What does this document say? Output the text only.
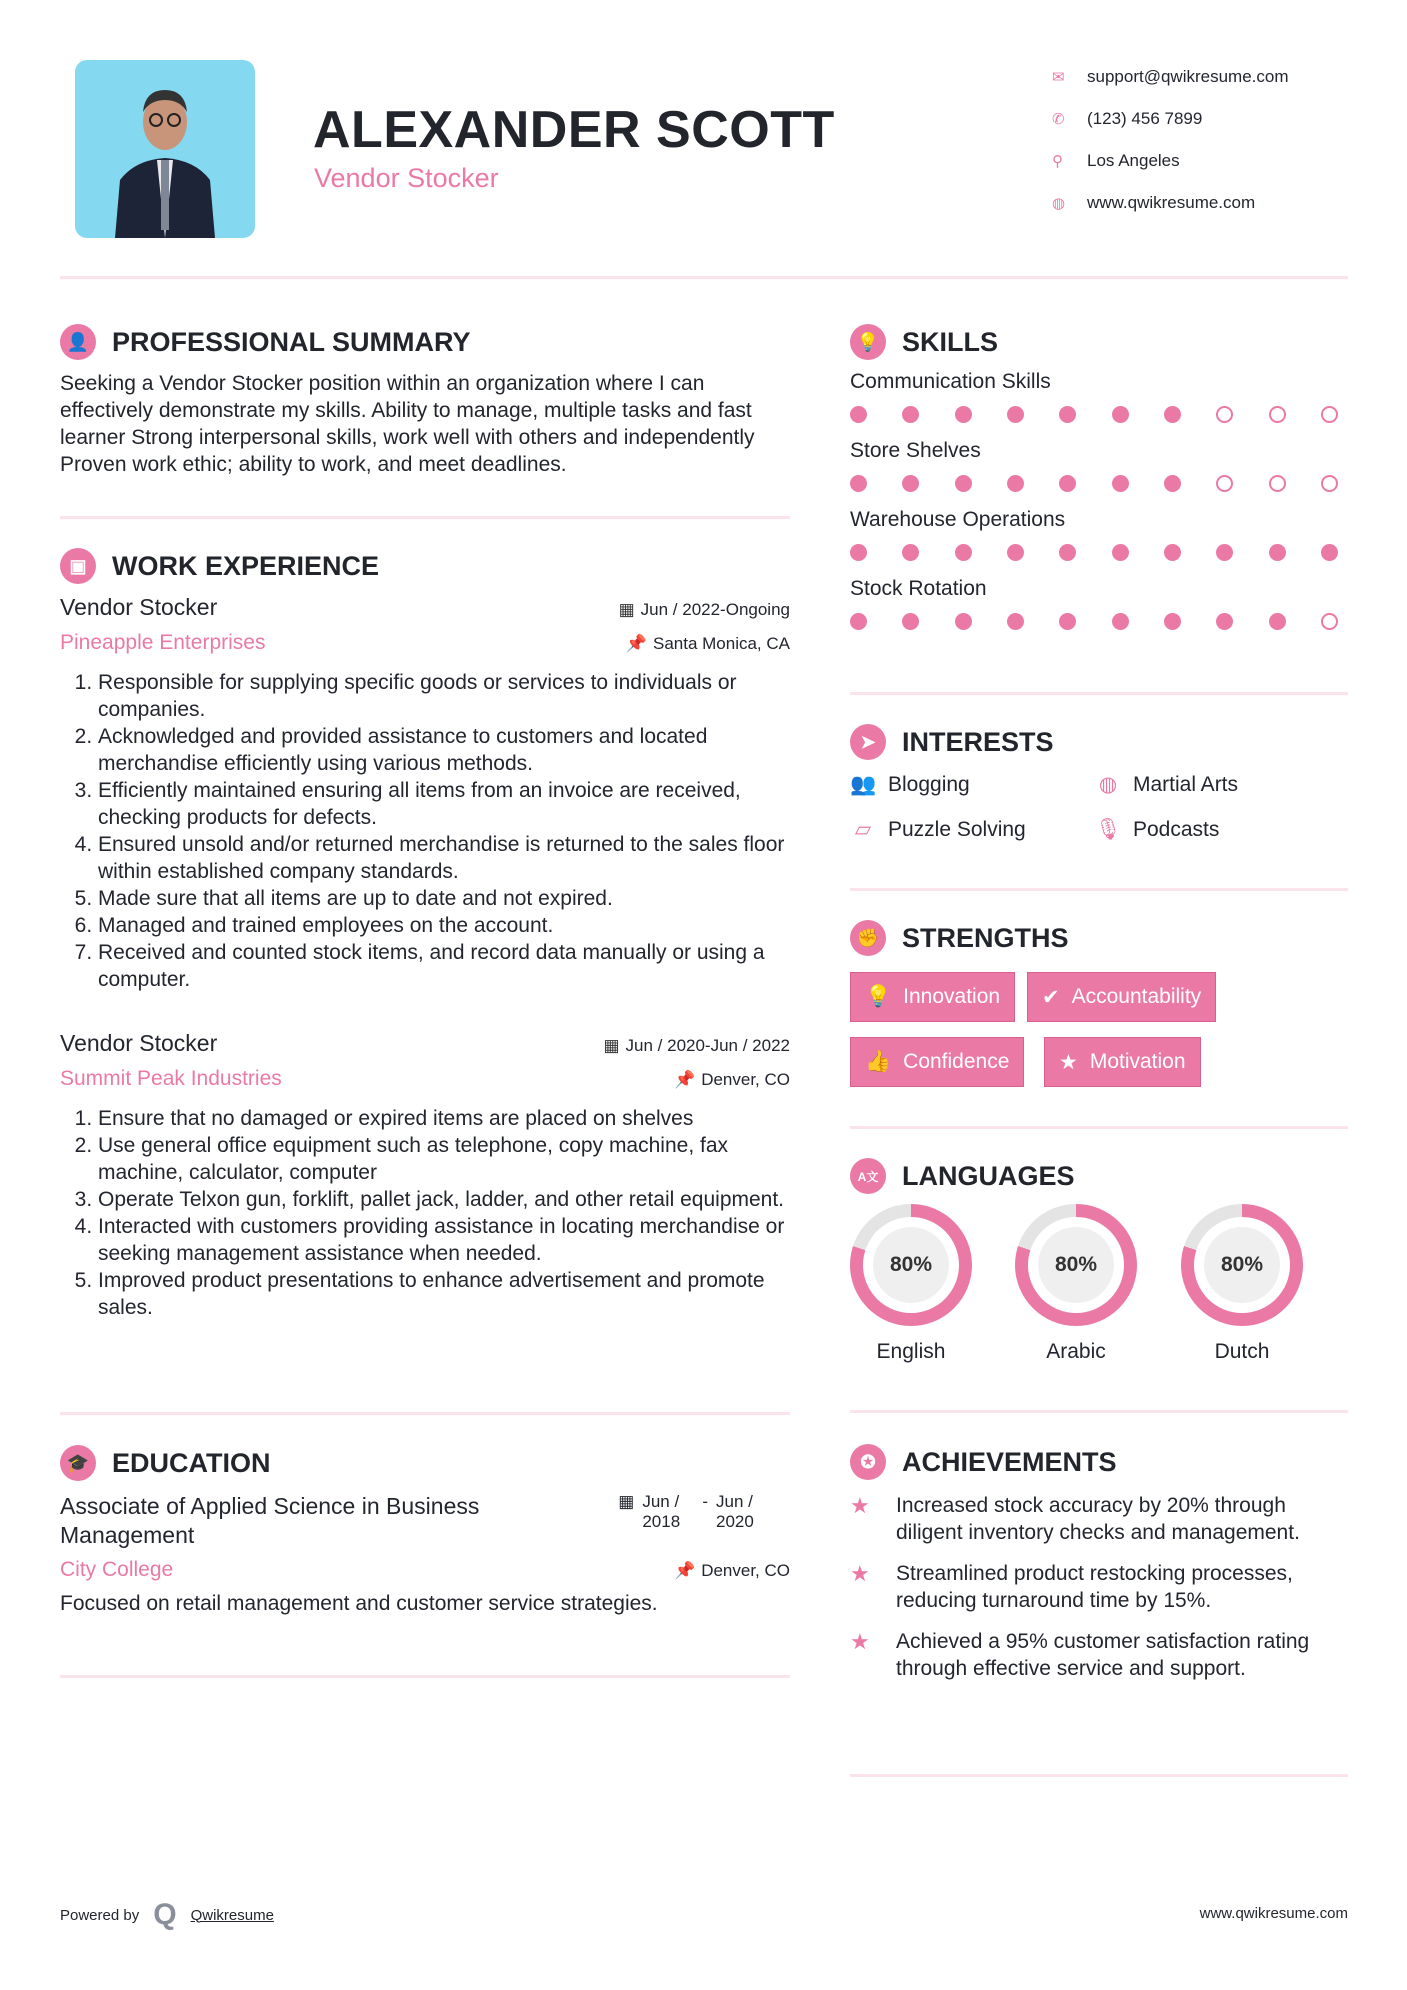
ALEXANDER SCOTT
Vendor Stocker
✉	support@qwikresume.com
✆	(123) 456 7899
⚲	Los Angeles
◍	www.qwikresume.com
👤 PROFESSIONAL SUMMARY
Seeking a Vendor Stocker position within an organization where I can effectively demonstrate my skills. Ability to manage, multiple tasks and fast learner Strong interpersonal skills, work well with others and independently Proven work ethic; ability to work, and meet deadlines.
▣ WORK EXPERIENCE
Vendor Stocker	▦ Jun / 2022-Ongoing
Pineapple Enterprises	📌 Santa Monica, CA
1. Responsible for supplying specific goods or services to individuals or companies.
2. Acknowledged and provided assistance to customers and located merchandise efficiently using various methods.
3. Efficiently maintained ensuring all items from an invoice are received, checking products for defects.
4. Ensured unsold and/or returned merchandise is returned to the sales floor within established company standards.
5. Made sure that all items are up to date and not expired.
6. Managed and trained employees on the account.
7. Received and counted stock items, and record data manually or using a computer.
Vendor Stocker	▦ Jun / 2020-Jun / 2022
Summit Peak Industries	📌 Denver, CO
1. Ensure that no damaged or expired items are placed on shelves
2. Use general office equipment such as telephone, copy machine, fax machine, calculator, computer
3. Operate Telxon gun, forklift, pallet jack, ladder, and other retail equipment.
4. Interacted with customers providing assistance in locating merchandise or seeking management assistance when needed.
5. Improved product presentations to enhance advertisement and promote sales.
🎓 EDUCATION
Associate of Applied Science in Business Management
▦ Jun / 2018
- Jun / 2020
City College	📌 Denver, CO
Focused on retail management and customer service strategies.
💡 SKILLS
Communication Skills
Store Shelves
Warehouse Operations
Stock Rotation
➤ INTERESTS
👥 Blogging	◍ Martial Arts
▱ Puzzle Solving	🎙 Podcasts
✊ STRENGTHS
💡 Innovation ✔ Accountability
👍 Confidence ★ Motivation
A文 LANGUAGES
80%
English
80%
Arabic
80%
Dutch
✪ ACHIEVEMENTS
★	Increased stock accuracy by 20% through diligent inventory checks and management.
★	Streamlined product restocking processes, reducing turnaround time by 15%.
★	Achieved a 95% customer satisfaction rating through effective service and support.
Powered by Q Qwikresume	www.qwikresume.com
